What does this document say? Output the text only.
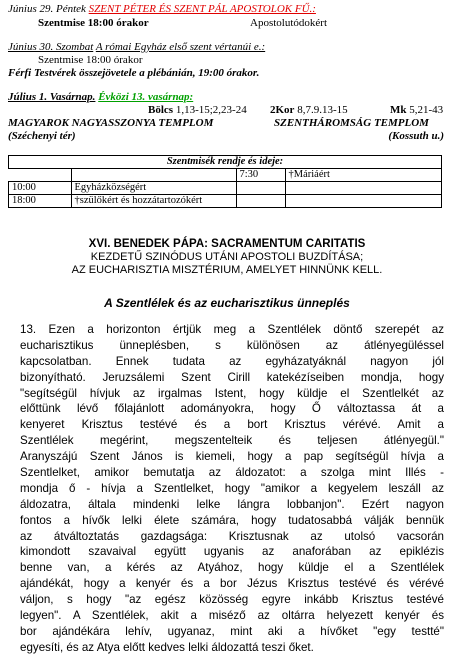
Június 29. Péntek SZENT PÉTER ÉS SZENT PÁL APOSTOLOK FŰ.:
Szentmise 18:00 órakor	Apostolutódokért
Június 30. Szombat A római Egyház első szent vértanúi e.:
Szentmise 18:00 órakor
Férfi Testvérek összejövetele a plébánián, 19:00 órakor.
Július 1. Vasárnap. Évközi 13. vasárnap:
Bölcs 1,13-15;2,23-24 2Kor 8,7.9.13-15	Mk 5,21-43
MAGYAROK NAGYASSZONYA TEMPLOM	SZENTHÁROMSÁG TEMPLOM
(Széchenyi tér)	(Kossuth u.)
Szentmisék rendje és ideje:			
		7:30	†Máriáért
10:00	Egyházközségért		
18:00	†szülőkért és hozzátartozókért		
XVI. BENEDEK PÁPA: SACRAMENTUM CARITATIS
KEZDETŰ SZINÓDUS UTÁNI APOSTOLI BUZDÍTÁSA;
AZ EUCHARISZTIA MISZTÉRIUM, AMELYET HINNÜNK KELL.
A Szentlélek és az eucharisztikus ünneplés
13. Ezen a horizonton értjük meg a Szentlélek döntő szerepét az
eucharisztikus ünneplésben, s különösen az átlényegüléssel
kapcsolatban. Ennek tudata az egyházatyáknál nagyon jól
bizonyítható. Jeruzsálemi Szent Cirill katekézíseiben mondja, hogy
"segítségül hívjuk az irgalmas Istent, hogy küldje el Szentlelkét az
előttünk lévő főlajánlott adományokra, hogy Ő változtassa át a
kenyeret Krisztus testévé és a bort Krisztus vérévé. Amit a
Szentlélek megérint, megszentelteik és teljesen átlényegül."
Aranyszájú Szent János is kiemeli, hogy a pap segítségül hívja a
Szentlelket, amikor bemutatja az áldozatot: a szolga mint Illés -
mondja ő - hívja a Szentlelket, hogy "amikor a kegyelem leszáll az
áldozatra, általa mindenki lelke lángra lobbanjon". Ezért nagyon
fontos a hívők lelki élete számára, hogy tudatosabbá válják bennük
az átváltoztatás gazdagsága: Krisztusnak az utolsó vacsorán
kimondott szavaival együtt ugyanis az anaforában az epiklézis
benne van, a kérés az Atyához, hogy küldje el a Szentlélek
ajándékát, hogy a kenyér és a bor Jézus Krisztus testévé és vérévé
váljon, s hogy "az egész közösség egyre inkább Krisztus testévé
legyen". A Szentlélek, akit a miséző az oltárra helyezett kenyér és
bor ajándékára lehív, ugyanaz, mint aki a hívőket "egy testté"
egyesíti, és az Atya előtt kedves lelki áldozattá teszi őket.
